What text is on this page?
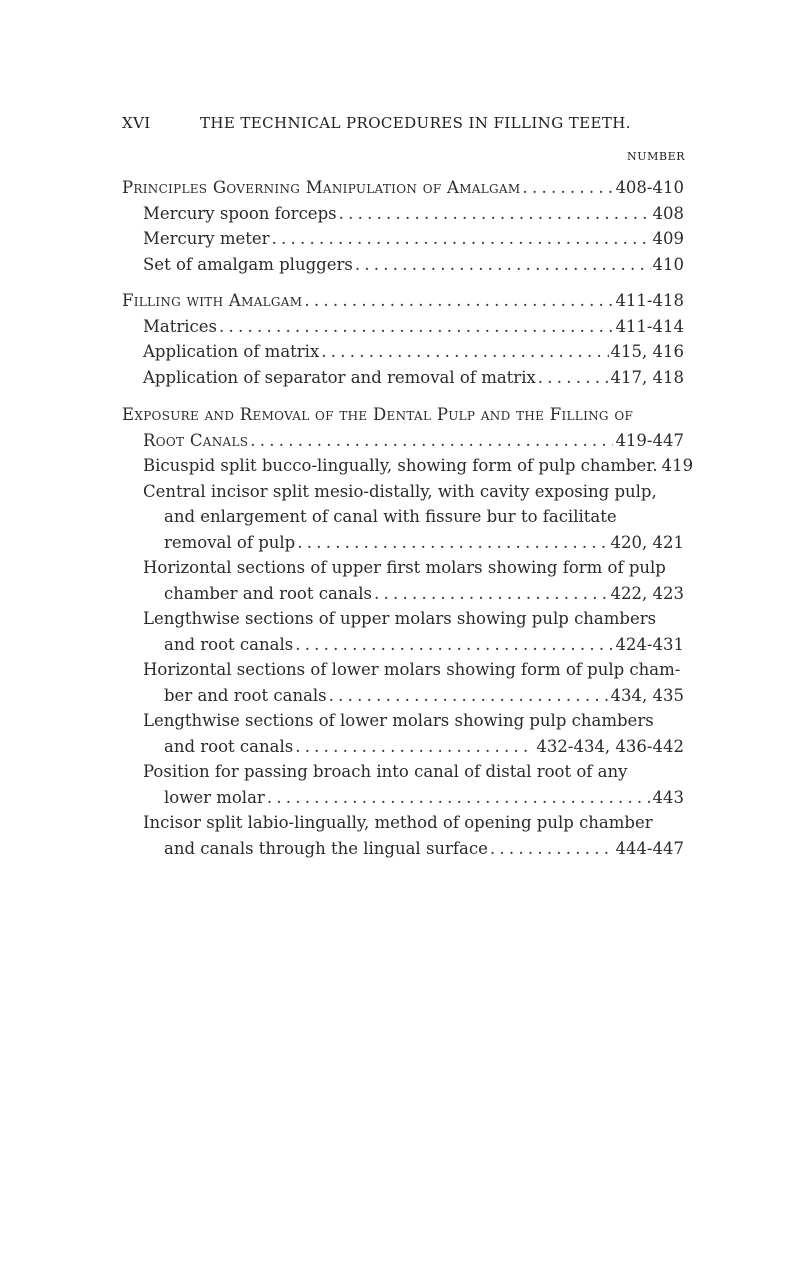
XVI	THE TECHNICAL PROCEDURES IN FILLING TEETH.
NUMBER
Principles Governing Manipulation of Amalgam . . .	408-410
Mercury spoon forceps . . .	408
Mercury meter . . .	409
Set of amalgam pluggers . . .	410
Filling with Amalgam . . .	411-418
Matrices . . .	411-414
Application of matrix . . .	415, 416
Application of separator and removal of matrix . . .	417, 418
Exposure and Removal of the Dental Pulp and the Filling of
Root Canals . . .	419-447
Bicuspid split bucco-lingually, showing form of pulp chamber. 419
Central incisor split mesio-distally, with cavity exposing pulp,
and enlargement of canal with fissure bur to facilitate
removal of pulp . . .	420, 421
Horizontal sections of upper first molars showing form of pulp
chamber and root canals . . .	422, 423
Lengthwise sections of upper molars showing pulp chambers
and root canals . . .	424-431
Horizontal sections of lower molars showing form of pulp cham-
ber and root canals . . .	434, 435
Lengthwise sections of lower molars showing pulp chambers
and root canals . . .	432-434, 436-442
Position for passing broach into canal of distal root of any
lower molar . . .	443
Incisor split labio-lingually, method of opening pulp chamber
and canals through the lingual surface . . .	444-447
